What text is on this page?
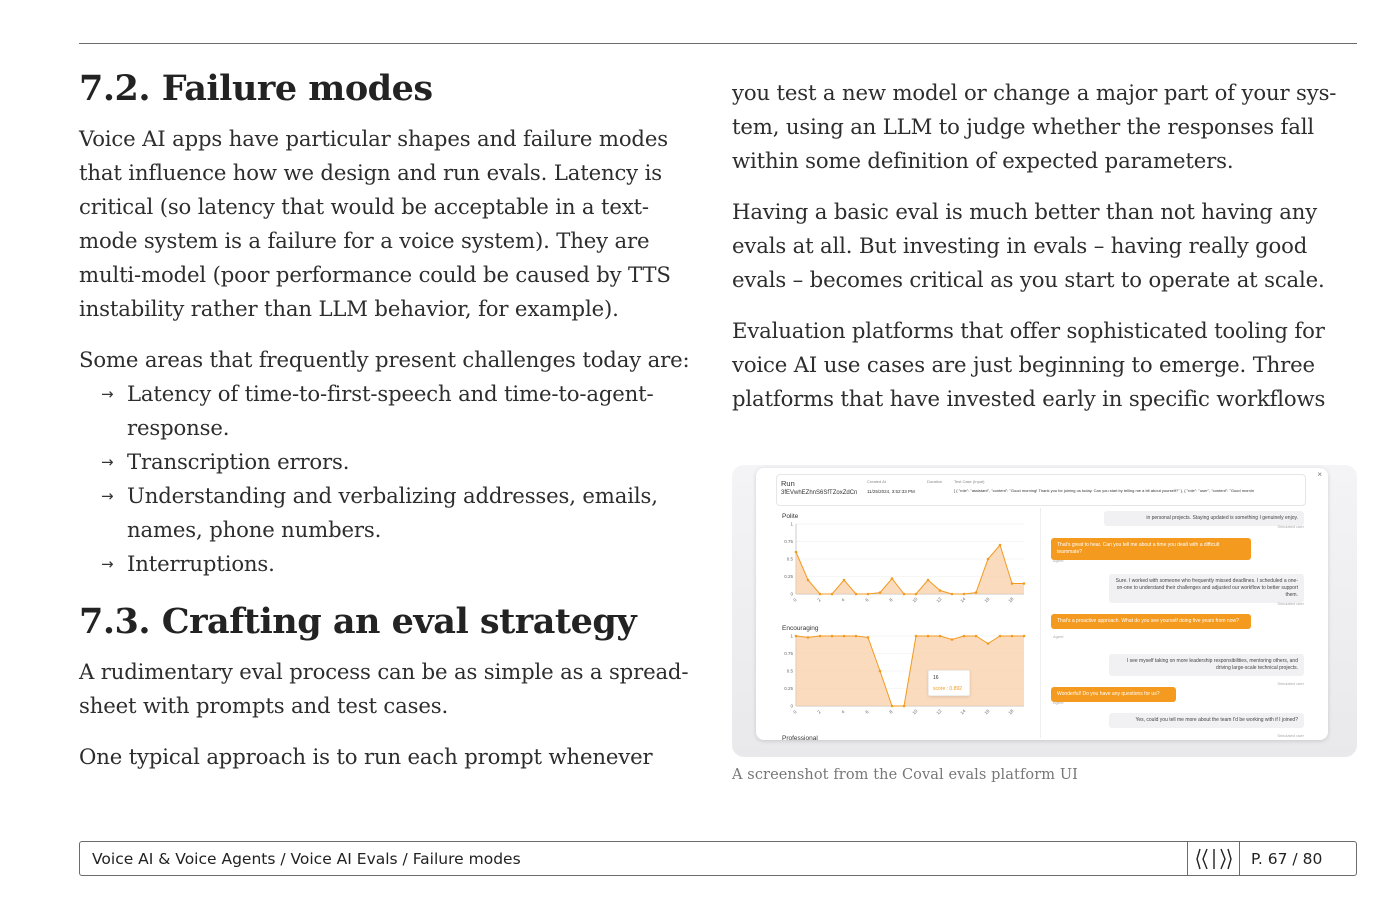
7.2. Failure modes

Voice AI apps have particular shapes and failure modes that influence how we design and run evals. Latency is critical (so latency that would be acceptable in a text-mode system is a failure for a voice system). They are multi-model (poor performance could be caused by TTS instability rather than LLM behavior, for example).

Some areas that frequently present challenges today are:

→ Latency of time-to-first-speech and time-to-agent-response.
→ Transcription errors.
→ Understanding and verbalizing addresses, emails, names, phone numbers.
→ Interruptions.
7.3. Crafting an eval strategy

A rudimentary eval process can be as simple as a spread-sheet with prompts and test cases.

One typical approach is to run each prompt whenever

you test a new model or change a major part of your sys-tem, using an LLM to judge whether the responses fall within some definition of expected parameters.

Having a basic eval is much better than not having any evals at all. But investing in evals – having really good evals – becomes critical as you start to operate at scale.

Evaluation platforms that offer sophisticated tooling for voice AI use cases are just beginning to emerge. Three platforms that have invested early in specific workflows

×
Run
3fEVwhEZhnS6SfTZoxZdCn
Created At
11/25/2024, 3:52:33 PM
Duration	Test Case (Input)
[ { "role": "assistant", "content": "Good morning! Thank you for joining us today. Can you start by telling me a bit about yourself?" }, { "role": "user", "content": "Good mornin
Polite
Encouraging
Professional
1
0.75
0.5
0.25
0
0	2	4	6	8	10	12	14	16	18
1
0.75
0.5
0.25
0
0	2	4	6	8	10	12	14	16	18
16
score : 0.892
in personal projects. Staying updated is something I genuinely enjoy.
Simulated user
That's great to hear. Can you tell me about a time you dealt with a difficult teammate?
Agent
Sure. I worked with someone who frequently missed deadlines. I scheduled a one-on-one to understand their challenges and adjusted our workflow to better support them.
Simulated user
That's a proactive approach. What do you see yourself doing five years from now?
Agent
I see myself taking on more leadership responsibilities, mentoring others, and driving large-scale technical projects.
Simulated user
Wonderful! Do you have any questions for us?
Agent
Yes, could you tell me more about the team I'd be working with if I joined?
Simulated user
A screenshot from the Coval evals platform UI
Voice AI & Voice Agents / Voice AI Evals / Failure modes	P. 67 / 80
